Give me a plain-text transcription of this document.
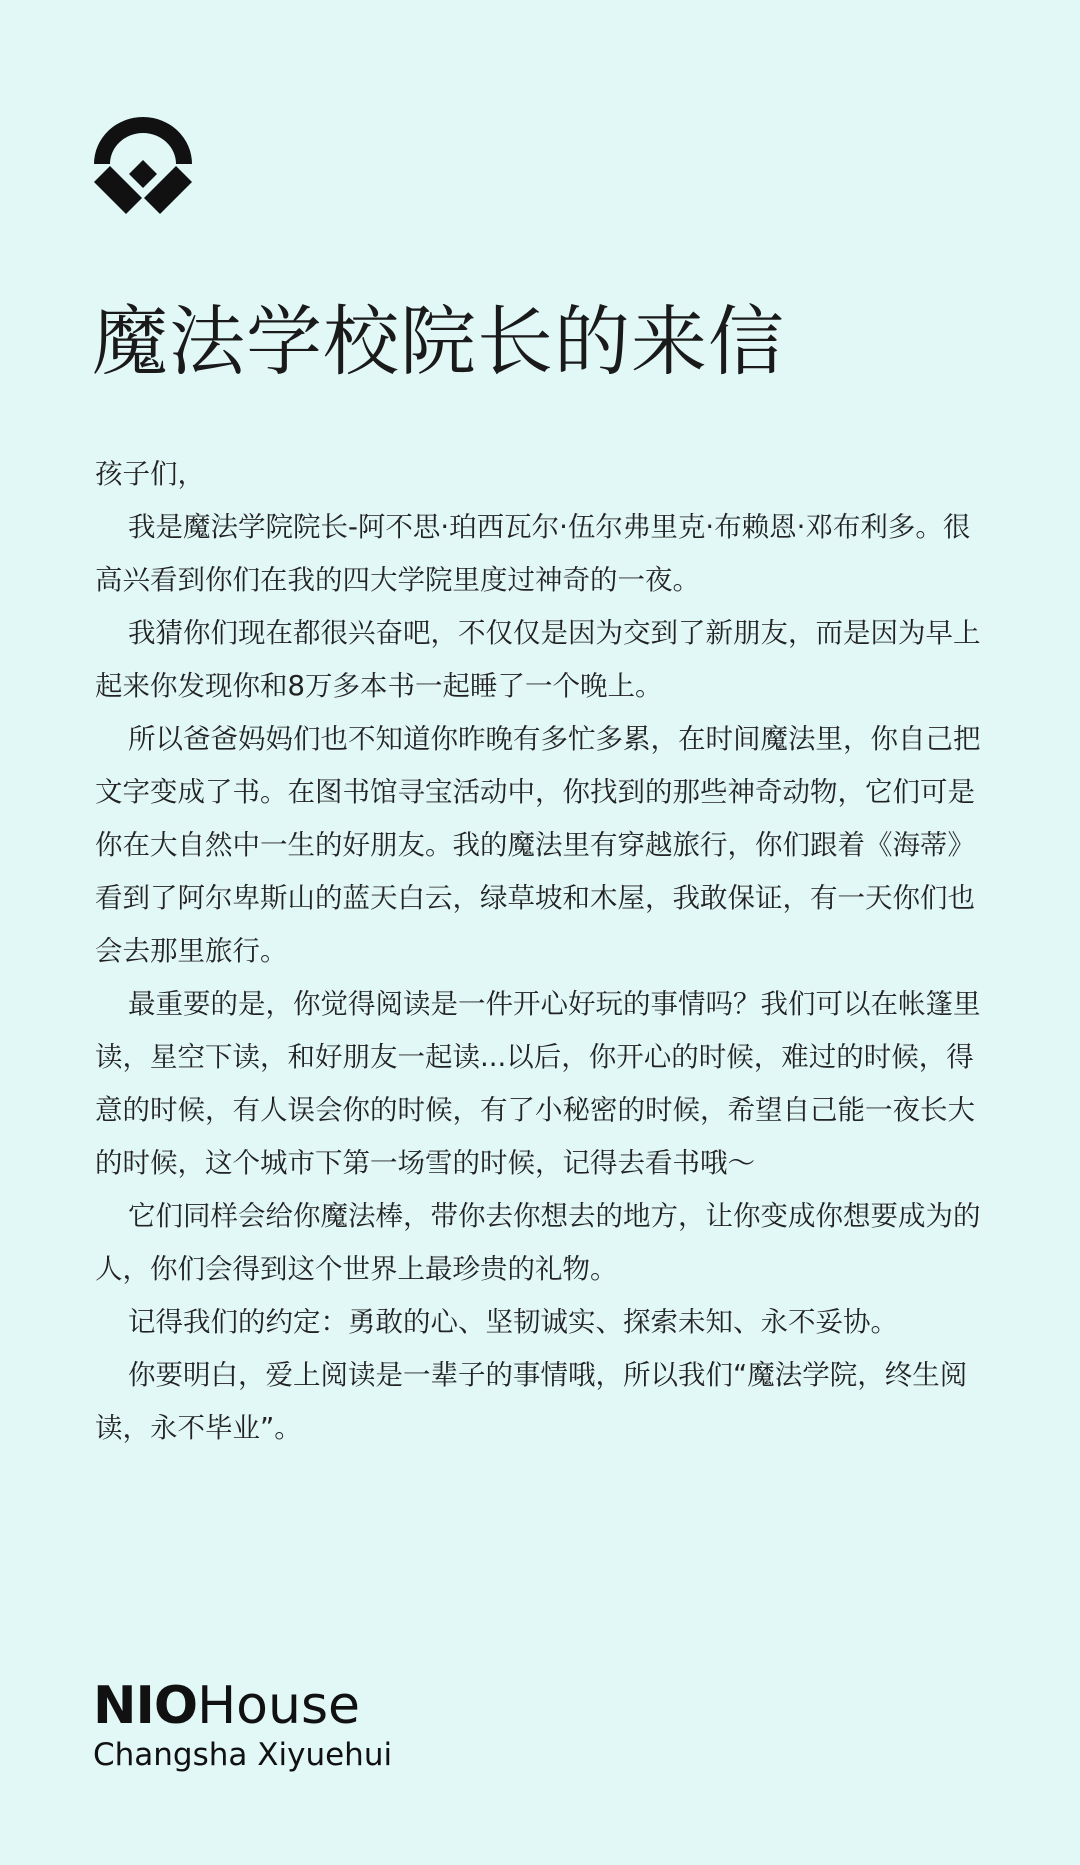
魔法学校院长的来信

孩子们，

我是魔法学院院长-阿不思·珀西瓦尔·伍尔弗里克·布赖恩·邓布利多。很高兴看到你们在我的四大学院里度过神奇的一夜。

我猜你们现在都很兴奋吧，不仅仅是因为交到了新朋友，而是因为早上起来你发现你和8万多本书一起睡了一个晚上。

所以爸爸妈妈们也不知道你昨晚有多忙多累，在时间魔法里，你自己把文字变成了书。在图书馆寻宝活动中，你找到的那些神奇动物，它们可是你在大自然中一生的好朋友。我的魔法里有穿越旅行，你们跟着《海蒂》看到了阿尔卑斯山的蓝天白云，绿草坡和木屋，我敢保证，有一天你们也会去那里旅行。

最重要的是，你觉得阅读是一件开心好玩的事情吗？我们可以在帐篷里读，星空下读，和好朋友一起读...以后，你开心的时候，难过的时候，得意的时候，有人误会你的时候，有了小秘密的时候，希望自己能一夜长大的时候，这个城市下第一场雪的时候，记得去看书哦～

它们同样会给你魔法棒，带你去你想去的地方，让你变成你想要成为的人，你们会得到这个世界上最珍贵的礼物。

记得我们的约定：勇敢的心、坚韧诚实、探索未知、永不妥协。

你要明白，爱上阅读是一辈子的事情哦，所以我们“魔法学院，终生阅读，永不毕业”。

NIOHouse
Changsha Xiyuehui
